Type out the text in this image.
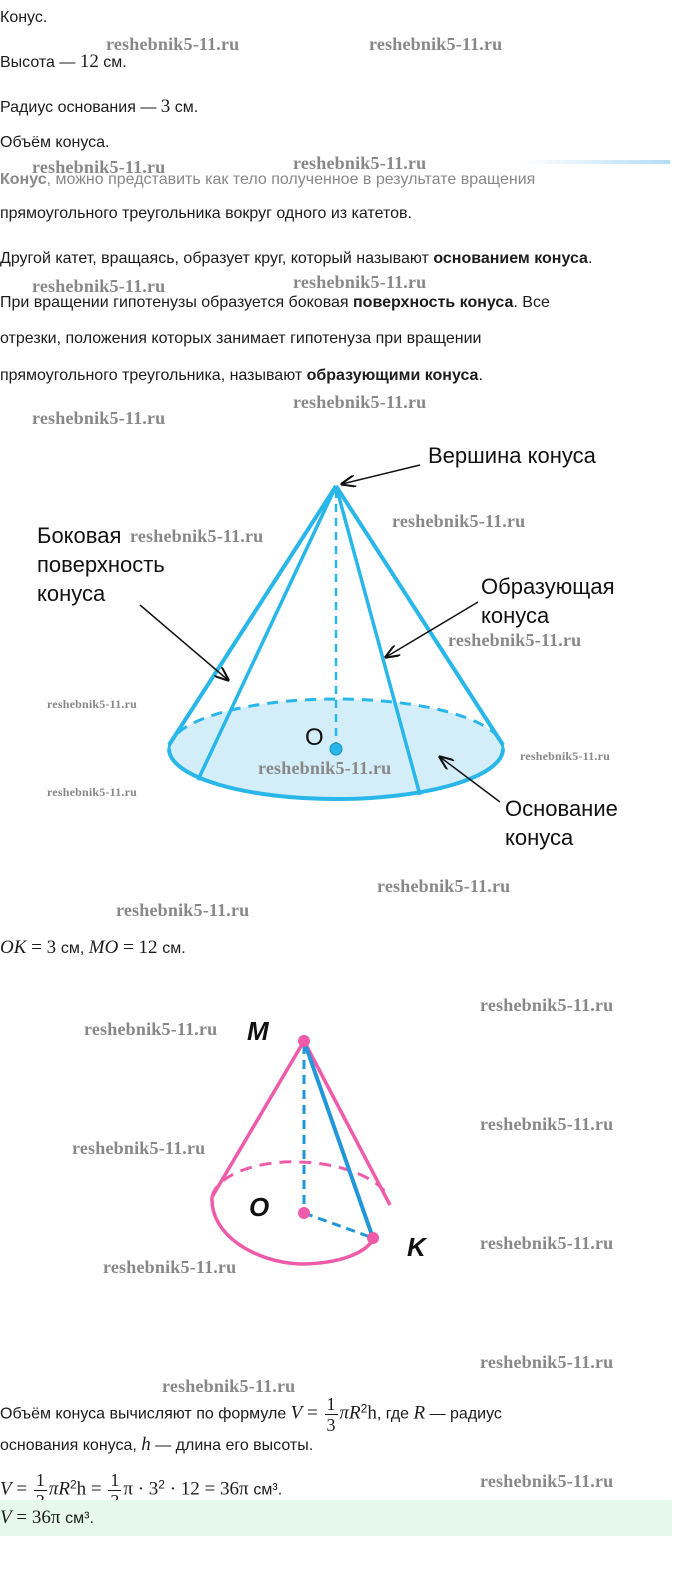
Конус.
Высота — 12 см.
Радиус основания — 3 см.
Объём конуса.
Конус, можно представить как тело полученное в результате вращения
прямоугольного треугольника вокруг одного из катетов.
Другой катет, вращаясь, образует круг, который называют основанием конуса.
При вращении гипотенузы образуется боковая поверхность конуса. Все
отрезки, положения которых занимает гипотенуза при вращении
прямоугольного треугольника, называют образующими конуса.
Вершина конуса
Боковая
поверхность
конуса	Образующая
конуса
O
Основание
конуса
OK = 3 см, MO = 12 см.
M
O
K
Объём конуса вычисляют по формуле $V = \frac{1}{3} \pi R^2h$, где R — радиус
основания конуса, h — длина его высоты.
V = 1 $\pi R^2h = 1$ $\pi \cdot 3^2 \cdot 12 = 36\pi$ см³.
V = 36π см³.
reshebnik5-11.ru	reshebnik5-11.ru
reshebnik5-11.ru	reshebnik5-11.ru
reshebnik5-11.ru	reshebnik5-11.ru
reshebnik5-11.ru
reshebnik5-11.ru
reshebnik5-11.ru
reshebnik5-11.ru
reshebnik5-11.ru
reshebnik5-11.ru
reshebnik5-11.ru
reshebnik5-11.ru
reshebnik5-11.ru
reshebnik5-11.ru
reshebnik5-11.ru
reshebnik5-11.ru
reshebnik5-11.ru
reshebnik5-11.ru
reshebnik5-11.ru
reshebnik5-11.ru
reshebnik5-11.ru
reshebnik5-11.ru
reshebnik5-11.ru
reshebnik5-11.ru
